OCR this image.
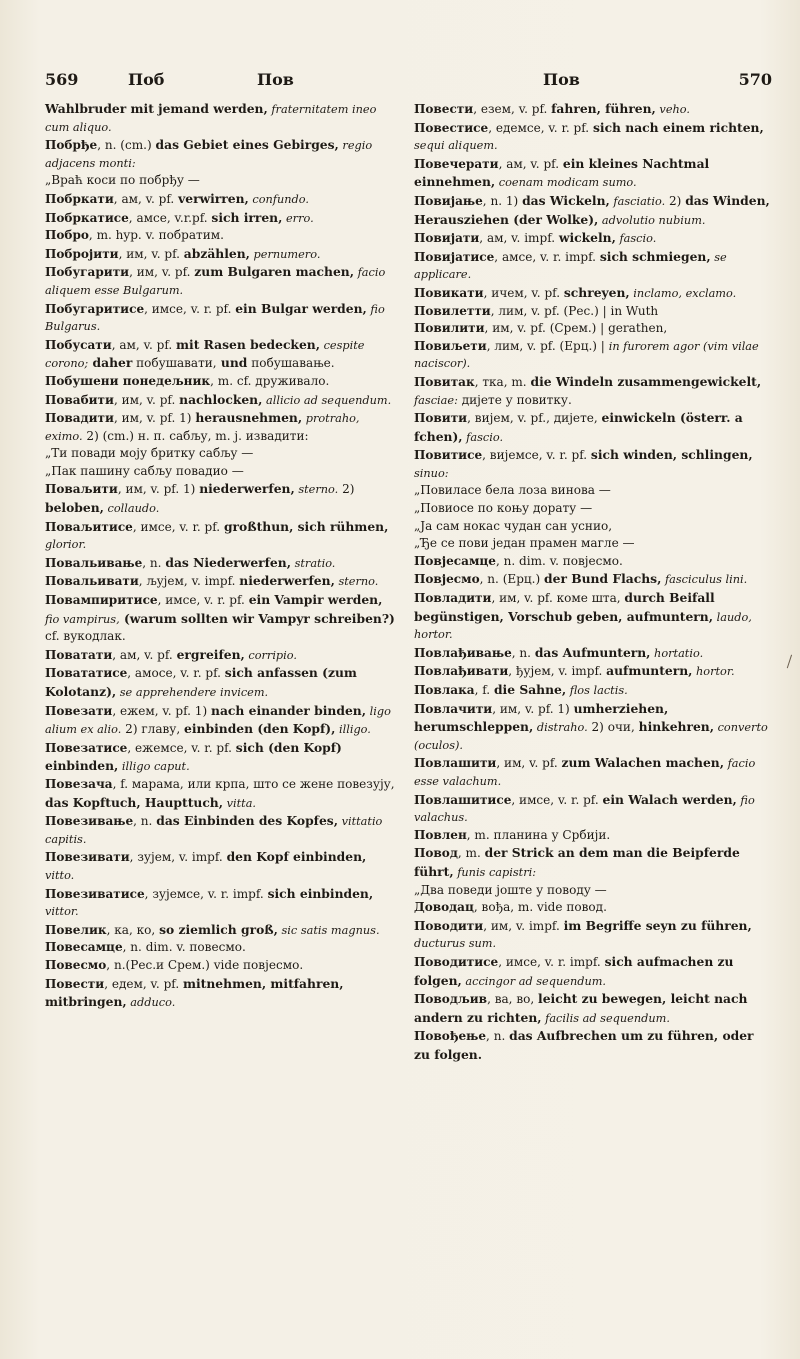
569	Поб	Пов	Пов	570

Wahlbruder mit jemand werden, fraternitatem ineo cum aliquo.

Побрђе, n. (cm.) das Gebiet eines Gebirges, regio adjacens monti:

„Враћ коси по побрђу —

Побркати, ам, v. pf. verwirren, confundo.

Побркатисе, амсе, v.r.pf. sich irren, erro.

Побро, m. hyp. v. побратим.

Побројити, им, v. pf. abzählen, pernumero.

Побугарити, им, v. pf. zum Bulgaren machen, facio aliquem esse Bulgarum.

Побугаритисе, имсе, v. r. pf. ein Bulgar werden, fio Bulgarus.

Побусати, ам, v. pf. mit Rasen bedecken, cespite corono; daher побушавати, und побушавање.

Побушени понедељник, m. cf. друживало.

Повабити, им, v. pf. nachlocken, allicio ad sequendum.

Повадити, им, v. pf. 1) herausnehmen, protraho, eximo. 2) (cm.) н. п. сабљу, m. j. извадити:

„Ти повади моју бритку сабљу —

„Пак пашину сабљу повадио —

Поваљити, им, v. pf. 1) niederwerfen, sterno. 2) beloben, collaudo.

Поваљитисе, имсе, v. r. pf. großthun, sich rühmen, glorior.

Повальивање, n. das Niederwerfen, stratio.

Повальивати, љујем, v. impf. niederwerfen, sterno.

Повампиритисе, имсе, v. r. pf. ein Vampir werden, fio vampirus, (warum sollten wir Vampyr schreiben?) cf. вукодлак.

Поватати, ам, v. pf. ergreifen, corripio.

Повататисе, амосе, v. r. pf. sich anfassen (zum Kolotanz), se apprehendere invicem.

Повезати, ежем, v. pf. 1) nach einander binden, ligo alium ex alio. 2) главу, einbinden (den Kopf), illigo.

Повезатисе, ежемсе, v. r. pf. sich (den Kopf) einbinden, illigo caput.

Повезача, f. марама, или крпа, што се жене повезују, das Kopftuch, Haupttuch, vitta.

Повезивање, n. das Einbinden des Kopfes, vittatio capitis.

Повезивати, зујем, v. impf. den Kopf einbinden, vitto.

Повезиватисе, зујемсе, v. r. impf. sich einbinden, vittor.

Повелик, ка, ко, so ziemlich groß, sic satis magnus.

Повесамце, n. dim. v. повесмо.

Повесмо, n.(Рес.и Срем.) vide повјесмо.

Повести, едем, v. pf. mitnehmen, mitfahren, mitbringen, adduco.

Повести, езем, v. pf. fahren, führen, veho.

Повестисе, едемсе, v. r. pf. sich nach einem richten, sequi aliquem.

Повечерати, ам, v. pf. ein kleines Nachtmal einnehmen, coenam modicam sumo.

Повијање, n. 1) das Wickeln, fasciatio. 2) das Winden, Herausziehen (der Wolke), advolutio nubium.

Повијати, ам, v. impf. wickeln, fascio.

Повијатисе, амсе, v. r. impf. sich schmiegen, se applicare.

Повикати, ичем, v. pf. schreyen, inclamo, exclamo.

Повилетти, лим, v. pf. (Рес.) | in Wuth

Повилити, им, v. pf. (Срем.) | gerathen,

Повиљети, лим, v. pf. (Ерц.) | in furorem agor (vim vilae naciscor).

Повитак, тка, m. die Windeln zusammengewickelt, fasciae: дијете у повитку.

Повити, вијем, v. pf., дијете, einwickeln (österr. a fchen), fascio.

Повитисе, вијемсе, v. r. pf. sich winden, schlingen, sinuo:

„Повиласе бела лоза винова —

„Повиосе по коњу дорату —

„Ја сам нокас чудан сан уснио,

„Ђе се пови један прамен магле —

Повјесамце, n. dim. v. повјесмо.

Повјесмо, n. (Ерц.) der Bund Flachs, fasciculus lini.

Повладити, им, v. pf. коме шта, durch Beifall begünstigen, Vorschub geben, aufmuntern, laudo, hortor.

Повлађивање, n. das Aufmuntern, hortatio.

Повлађивати, ђујем, v. impf. aufmuntern, hortor.

Повлака, f. die Sahne, flos lactis.

Повлачити, им, v. pf. 1) umherziehen, herumschleppen, distraho. 2) очи, hinkehren, converto (oculos).

Повлашити, им, v. pf. zum Walachen machen, facio esse valachum.

Повлашитисе, имсе, v. r. pf. ein Walach werden, fio valachus.

Повлен, m. планина у Србији.

Повод, m. der Strick an dem man die Beipferde führt, funis capistri:

„Два поведи јоште у поводу —

Доводац, вођа, m. vide повод.

Поводити, им, v. impf. im Begriffe seyn zu führen, ducturus sum.

Поводитисе, имсе, v. r. impf. sich aufmachen zu folgen, accingor ad sequendum.

Поводљив, ва, во, leicht zu bewegen, leicht nach andern zu richten, facilis ad sequendum.

Повођење, n. das Aufbrechen um zu führen, oder zu folgen.
